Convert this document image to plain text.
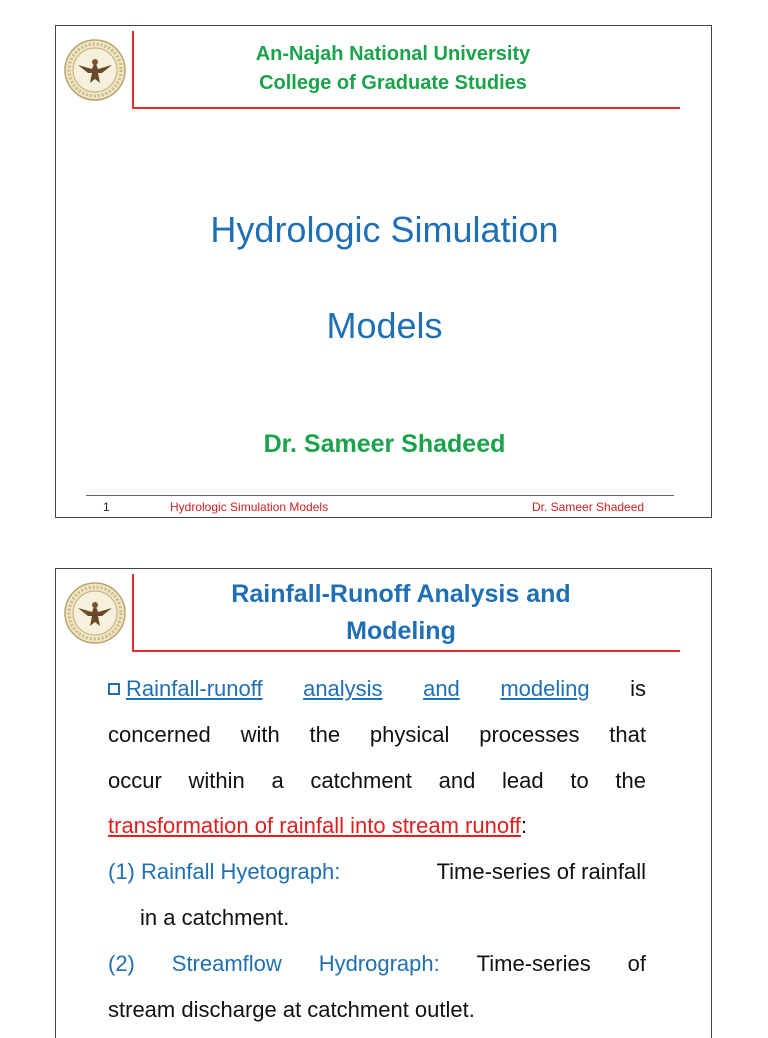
An-Najah National University
College of Graduate Studies
Hydrologic Simulation
Models
Dr. Sameer Shadeed
1	Hydrologic Simulation Models	Dr. Sameer Shadeed
Rainfall-Runoff Analysis and
Modeling
Rainfall-runoff analysis and modeling is
concerned with the physical processes that
occur within a catchment and lead to the
transformation of rainfall into stream runoff:
(1) Rainfall Hyetograph:	Time-series of rainfall
in a catchment.
(2) Streamflow Hydrograph: Time-series of
stream discharge at catchment outlet.
